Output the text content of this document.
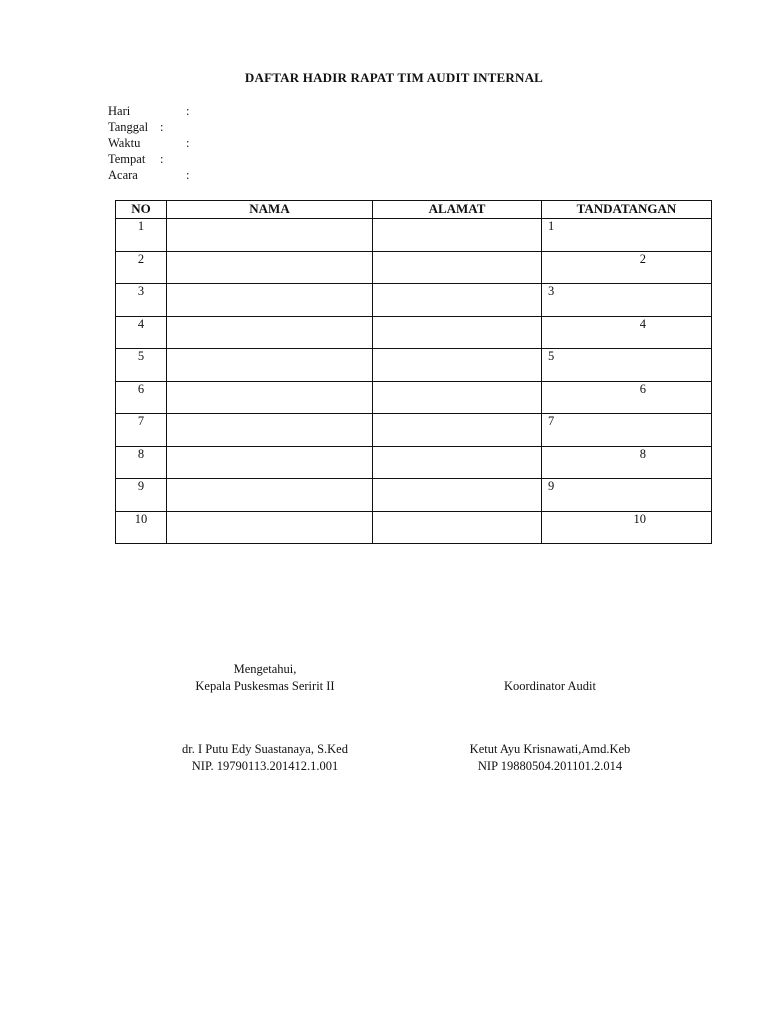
DAFTAR HADIR RAPAT TIM AUDIT INTERNAL
Hari	:
Tanggal :
Waktu	:
Tempat :
Acara	:
NO	NAMA	ALAMAT	TANDATANGAN
1			1
2			2
3			3
4			4
5			5
6			6
7			7
8			8
9			9
10			10
Mengetahui,
Kepala Puskesmas Seririt II
dr. I Putu Edy Suastanaya, S.Ked
NIP. 19790113.201412.1.001
Koordinator Audit
Ketut Ayu Krisnawati,Amd.Keb
NIP 19880504.201101.2.014
